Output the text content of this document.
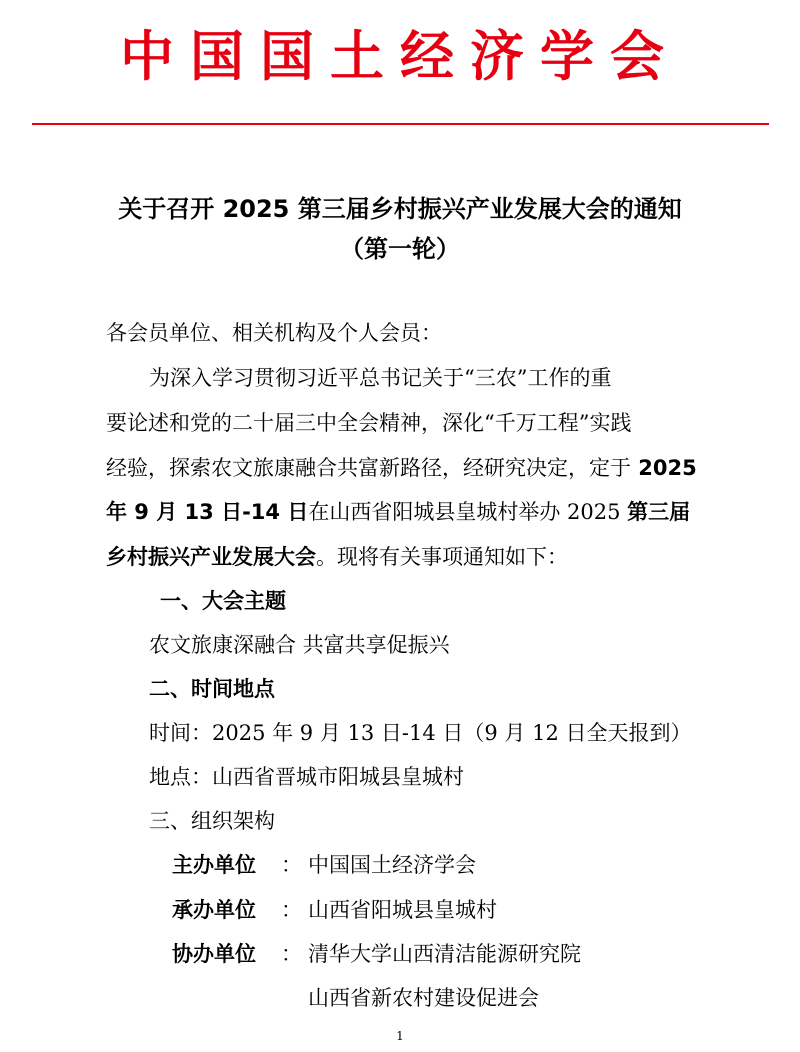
中国国土经济学会
关于召开 2025 第三届乡村振兴产业发展大会的通知
（第一轮）
各会员单位、相关机构及个人会员：
为深入学习贯彻习近平总书记关于“三农”工作的重
要论述和党的二十届三中全会精神，深化“千万工程”实践
经验，探索农文旅康融合共富新路径，经研究决定，定于 2025
年 9 月 13 日-14 日在山西省阳城县皇城村举办 2025 第三届
乡村振兴产业发展大会。现将有关事项通知如下：
一、大会主题
农文旅康深融合 共富共享促振兴
二、时间地点
时间：2025 年 9 月 13 日-14 日（9 月 12 日全天报到）
地点：山西省晋城市阳城县皇城村
三、组织架构
主办单位 ： 中国国土经济学会
承办单位 ： 山西省阳城县皇城村
协办单位 ： 清华大学山西清洁能源研究院
山西省新农村建设促进会
1
